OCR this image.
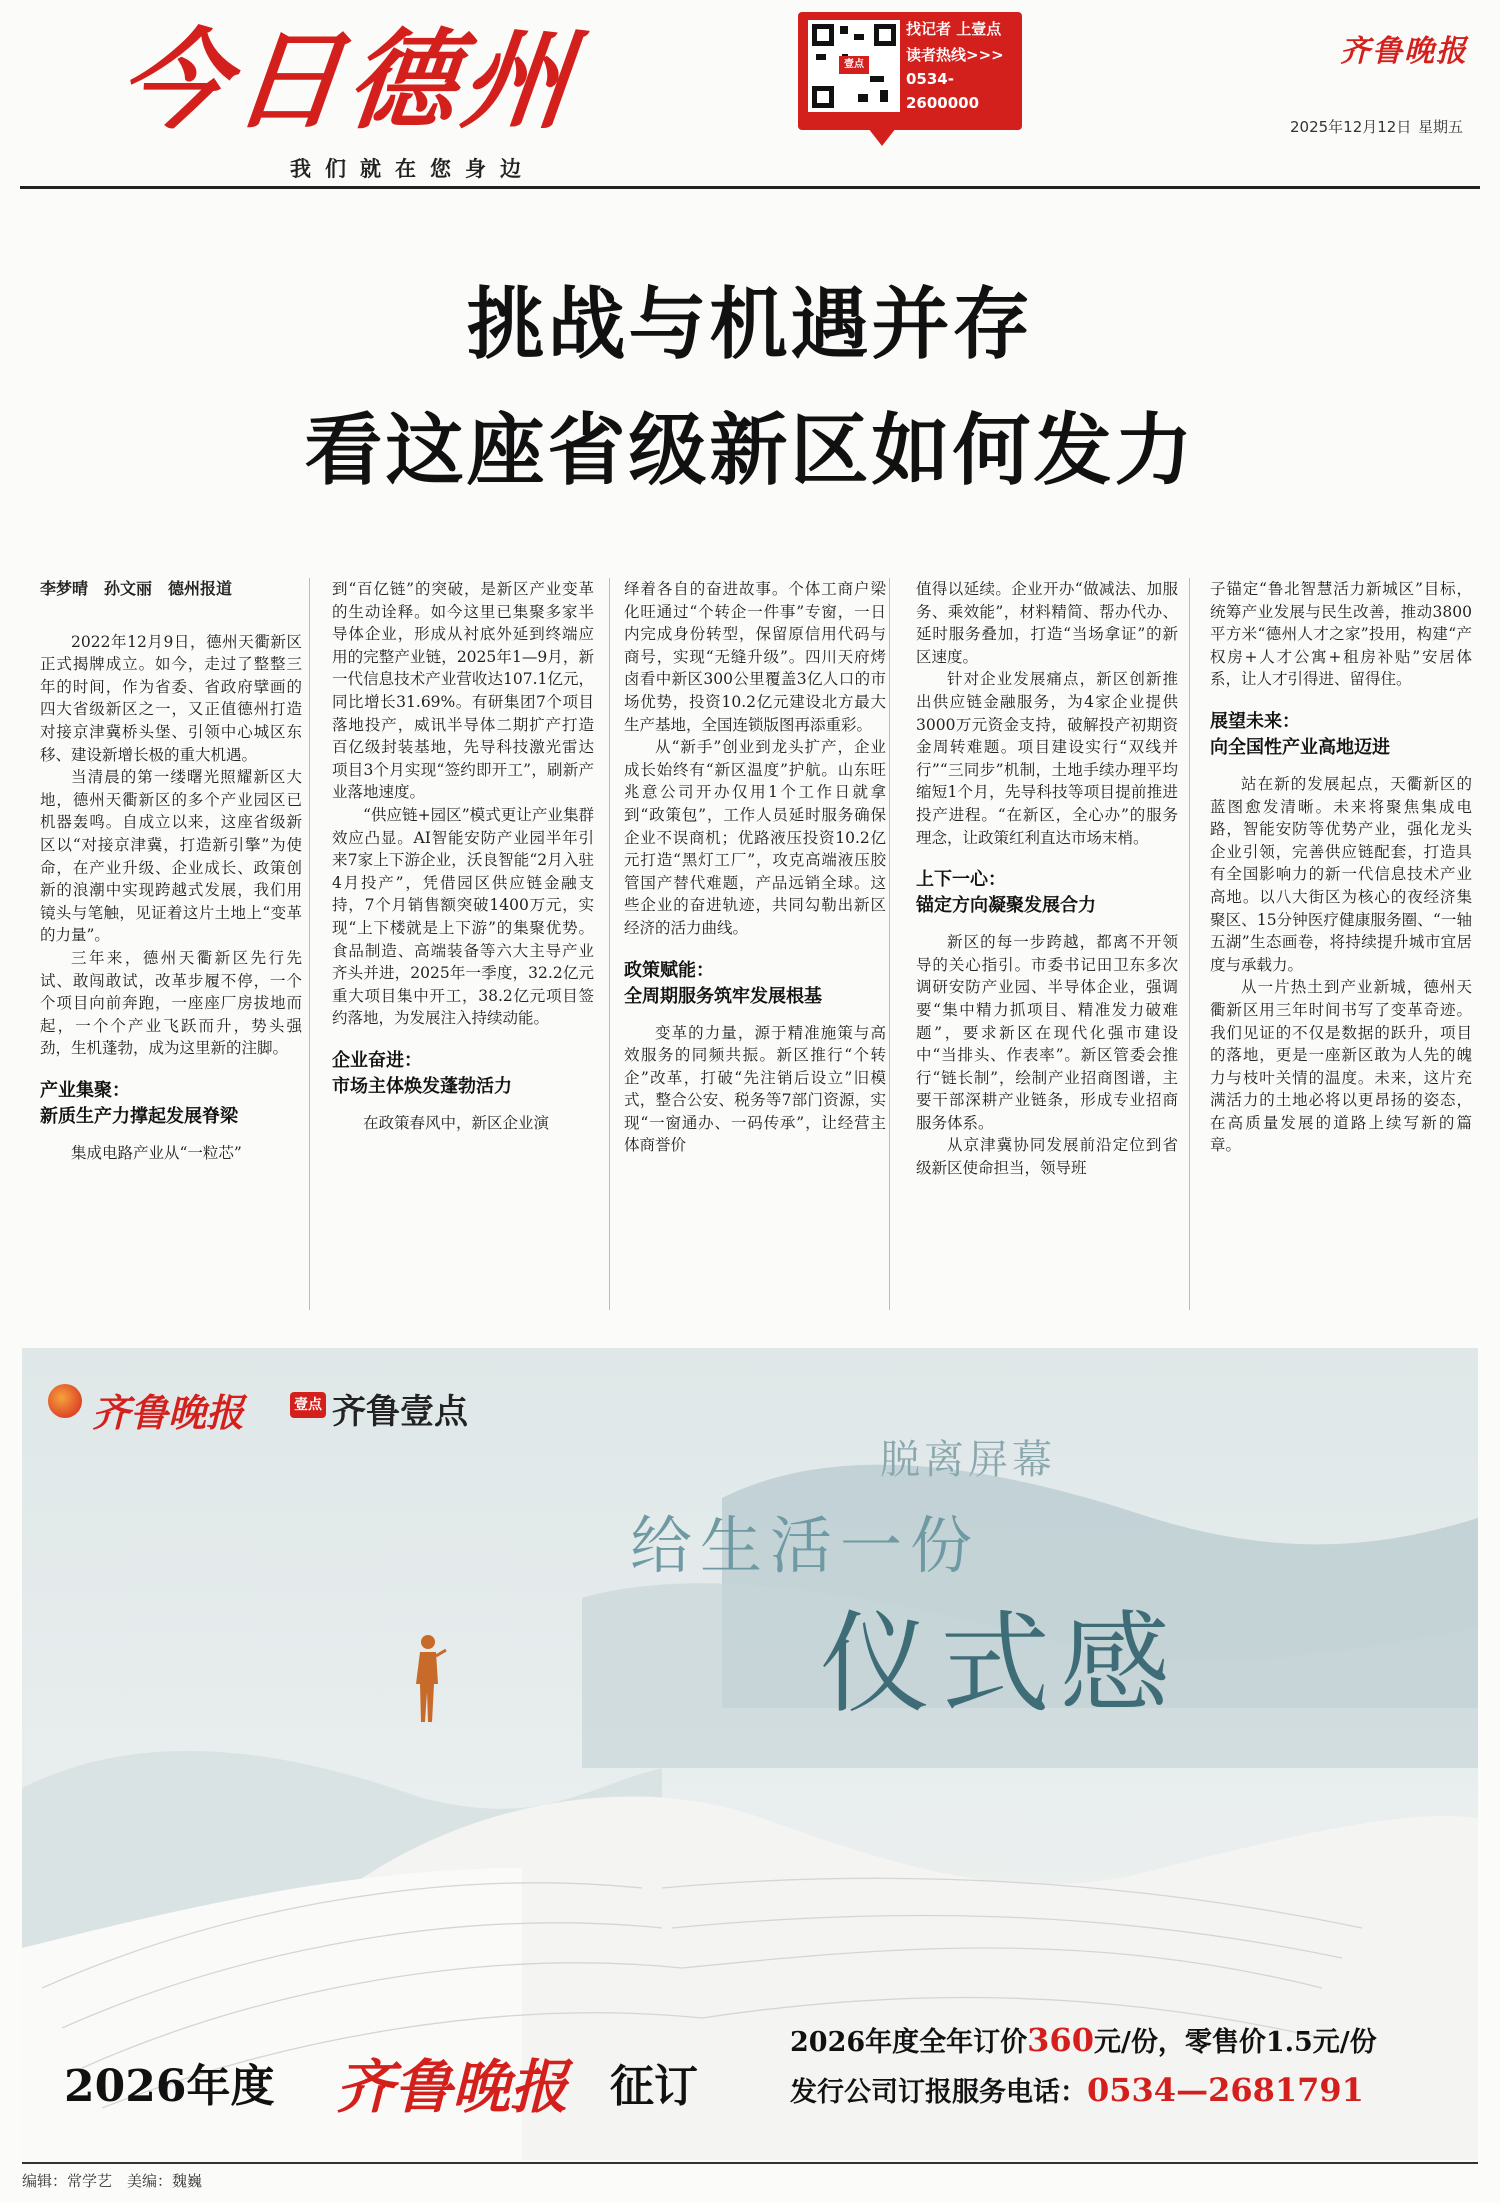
今日德州
我们就在您身边
壹点
找记者 上壹点
读者热线>>>
0534-
2600000
齐鲁晚报
2025年12月12日 星期五
挑战与机遇并存
看这座省级新区如何发力

李梦晴　孙文丽　德州报道

2022年12月9日，德州天衢新区正式揭牌成立。如今，走过了整整三年的时间，作为省委、省政府擘画的四大省级新区之一，又正值德州打造对接京津冀桥头堡、引领中心城区东移、建设新增长极的重大机遇。

当清晨的第一缕曙光照耀新区大地，德州天衢新区的多个产业园区已机器轰鸣。自成立以来，这座省级新区以“对接京津冀，打造新引擎”为使命，在产业升级、企业成长、政策创新的浪潮中实现跨越式发展，我们用镜头与笔触，见证着这片土地上“变革的力量”。

三年来，德州天衢新区先行先试、敢闯敢试，改革步履不停，一个个项目向前奔跑，一座座厂房拔地而起，一个个产业飞跃而升，势头强劲，生机蓬勃，成为这里新的注脚。

产业集聚：
新质生产力撑起发展脊梁

集成电路产业从“一粒芯”

到“百亿链”的突破，是新区产业变革的生动诠释。如今这里已集聚多家半导体企业，形成从衬底外延到终端应用的完整产业链，2025年1—9月，新一代信息技术产业营收达107.1亿元，同比增长31.69%。有研集团7个项目落地投产，威讯半导体二期扩产打造百亿级封装基地，先导科技激光雷达项目3个月实现“签约即开工”，刷新产业落地速度。

“供应链+园区”模式更让产业集群效应凸显。AI智能安防产业园半年引来7家上下游企业，沃良智能“2月入驻4月投产”，凭借园区供应链金融支持，7个月销售额突破1400万元，实现“上下楼就是上下游”的集聚优势。食品制造、高端装备等六大主导产业齐头并进，2025年一季度，32.2亿元重大项目集中开工，38.2亿元项目签约落地，为发展注入持续动能。

企业奋进：
市场主体焕发蓬勃活力

在政策春风中，新区企业演

绎着各自的奋进故事。个体工商户梁化旺通过“个转企一件事”专窗，一日内完成身份转型，保留原信用代码与商号，实现“无缝升级”。四川天府烤卤看中新区300公里覆盖3亿人口的市场优势，投资10.2亿元建设北方最大生产基地，全国连锁版图再添重彩。

从“新手”创业到龙头扩产，企业成长始终有“新区温度”护航。山东旺兆意公司开办仅用1个工作日就拿到“政策包”，工作人员延时服务确保企业不误商机；优路液压投资10.2亿元打造“黑灯工厂”，攻克高端液压胶管国产替代难题，产品远销全球。这些企业的奋进轨迹，共同勾勒出新区经济的活力曲线。

政策赋能：
全周期服务筑牢发展根基

变革的力量，源于精准施策与高效服务的同频共振。新区推行“个转企”改革，打破“先注销后设立”旧模式，整合公安、税务等7部门资源，实现“一窗通办、一码传承”，让经营主体商誉价

值得以延续。企业开办“做减法、加服务、乘效能”，材料精简、帮办代办、延时服务叠加，打造“当场拿证”的新区速度。

针对企业发展痛点，新区创新推出供应链金融服务，为4家企业提供3000万元资金支持，破解投产初期资金周转难题。项目建设实行“双线并行”“三同步”机制，土地手续办理平均缩短1个月，先导科技等项目提前推进投产进程。“在新区，全心办”的服务理念，让政策红利直达市场末梢。

上下一心：
锚定方向凝聚发展合力

新区的每一步跨越，都离不开领导的关心指引。市委书记田卫东多次调研安防产业园、半导体企业，强调要“集中精力抓项目、精准发力破难题”，要求新区在现代化强市建设中“当排头、作表率”。新区管委会推行“链长制”，绘制产业招商图谱，主要干部深耕产业链条，形成专业招商服务体系。

从京津冀协同发展前沿定位到省级新区使命担当，领导班

子锚定“鲁北智慧活力新城区”目标，统筹产业发展与民生改善，推动3800平方米“德州人才之家”投用，构建“产权房+人才公寓+租房补贴”安居体系，让人才引得进、留得住。

展望未来：
向全国性产业高地迈进

站在新的发展起点，天衢新区的蓝图愈发清晰。未来将聚焦集成电路，智能安防等优势产业，强化龙头企业引领，完善供应链配套，打造具有全国影响力的新一代信息技术产业高地。以八大街区为核心的夜经济集聚区、15分钟医疗健康服务圈、“一轴五湖”生态画卷，将持续提升城市宜居度与承载力。

从一片热土到产业新城，德州天衢新区用三年时间书写了变革奇迹。我们见证的不仅是数据的跃升，项目的落地，更是一座新区敢为人先的魄力与枝叶关情的温度。未来，这片充满活力的土地必将以更昂扬的姿态，在高质量发展的道路上续写新的篇章。

齐鲁晚报	壹点 齐鲁壹点
脱离屏幕
给生活一份
仪式感
2026年度 齐鲁晚报 征订
2026年度全年订价360元/份，零售价1.5元/份
发行公司订报服务电话：0534—2681791
编辑：常学艺　美编：魏巍
